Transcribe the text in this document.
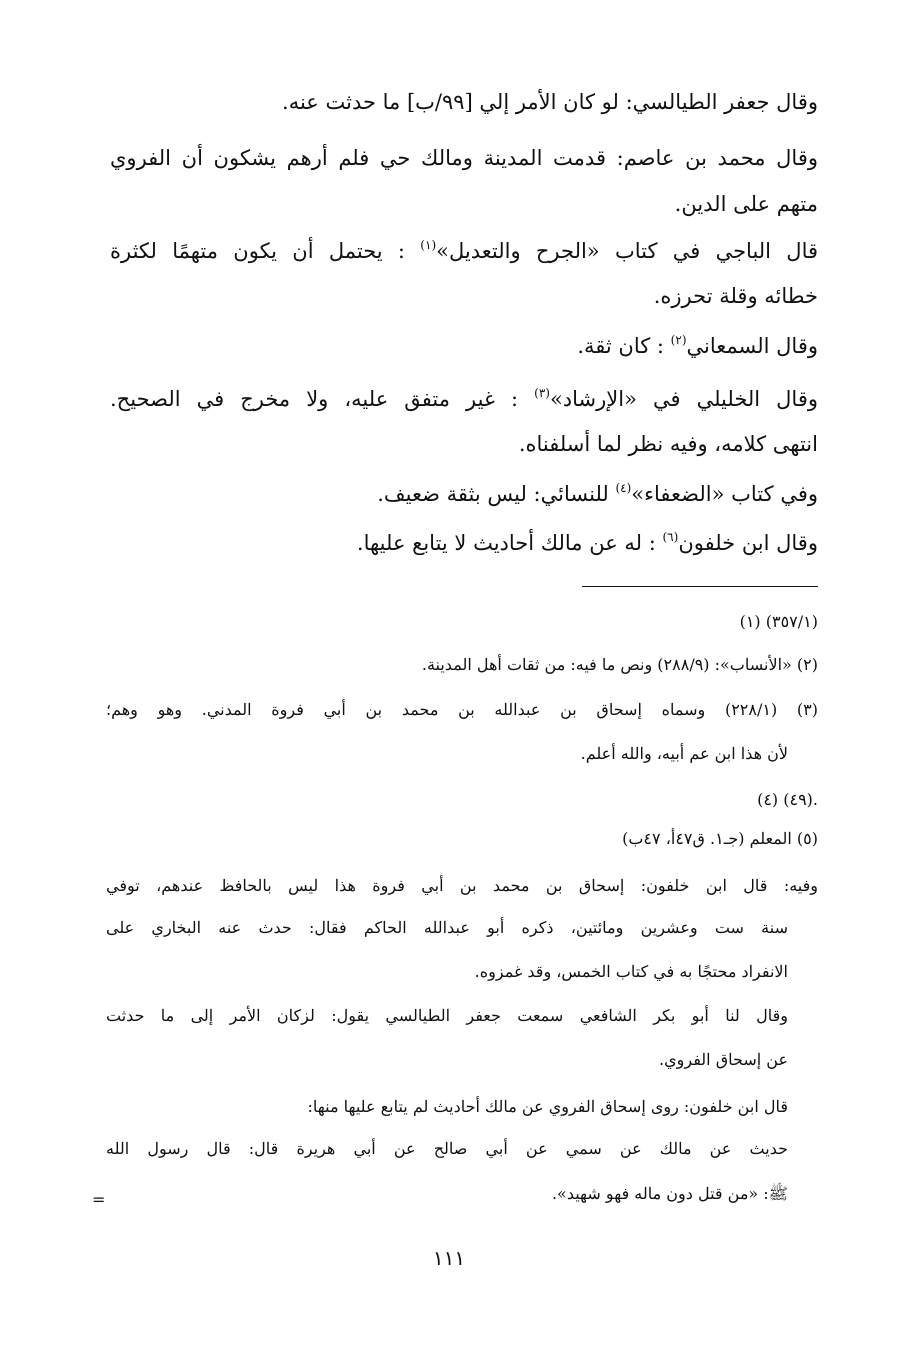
وقال جعفر الطيالسي: لو كان الأمر إلي [٩٩/ب] ما حدثت عنه.
وقال محمد بن عاصم: قدمت المدينة ومالك حي فلم أرهم يشكون أن الفروي
متهم على الدين.
قال الباجي في كتاب «الجرح والتعديل»$^{(١)}$ : يحتمل أن يكون متهمًا لكثرة
خطائه وقلة تحرزه.
وقال السمعاني$^{(٢)}$ : كان ثقة.
وقال الخليلي في «الإرشاد»$^{(٣)}$ : غير متفق عليه، ولا مخرج في الصحيح.
انتهى كلامه، وفيه نظر لما أسلفناه.
وفي كتاب «الضعفاء»$^{(٤)}$ للنسائي: ليس بثقة ضعيف.
وقال ابن خلفون$^{(٦)}$ : له عن مالك أحاديث لا يتابع عليها.
(١) (٣٥٧/١)
(٢) «الأنساب»: (٢٨٨/٩) ونص ما فيه: من ثقات أهل المدينة.
(٣) (٢٢٨/١) وسماه إسحاق بن عبدالله بن محمد بن أبي فروة المدني. وهو وهم؛
لأن هذا ابن عم أبيه، والله أعلم.
(٤) (٤٩).
(٥) المعلم (جـ١. ق٤٧أ، ٤٧ب)
وفيه: قال ابن خلفون: إسحاق بن محمد بن أبي فروة هذا ليس بالحافظ عندهم، توفي
سنة ست وعشرين ومائتين، ذكره أبو عبدالله الحاكم فقال: حدث عنه البخاري على
الانفراد محتجًا به في كتاب الخمس، وقد غمزوه.
وقال لنا أبو بكر الشافعي سمعت جعفر الطيالسي يقول: لزكان الأمر إلى ما حدثت
عن إسحاق الفروي.
قال ابن خلفون: روى إسحاق الفروي عن مالك أحاديث لم يتابع عليها منها:
حديث عن مالك عن سمي عن أبي صالح عن أبي هريرة قال: قال رسول الله
ﷺ: «من قتل دون ماله فهو شهيد».
=
١١١
